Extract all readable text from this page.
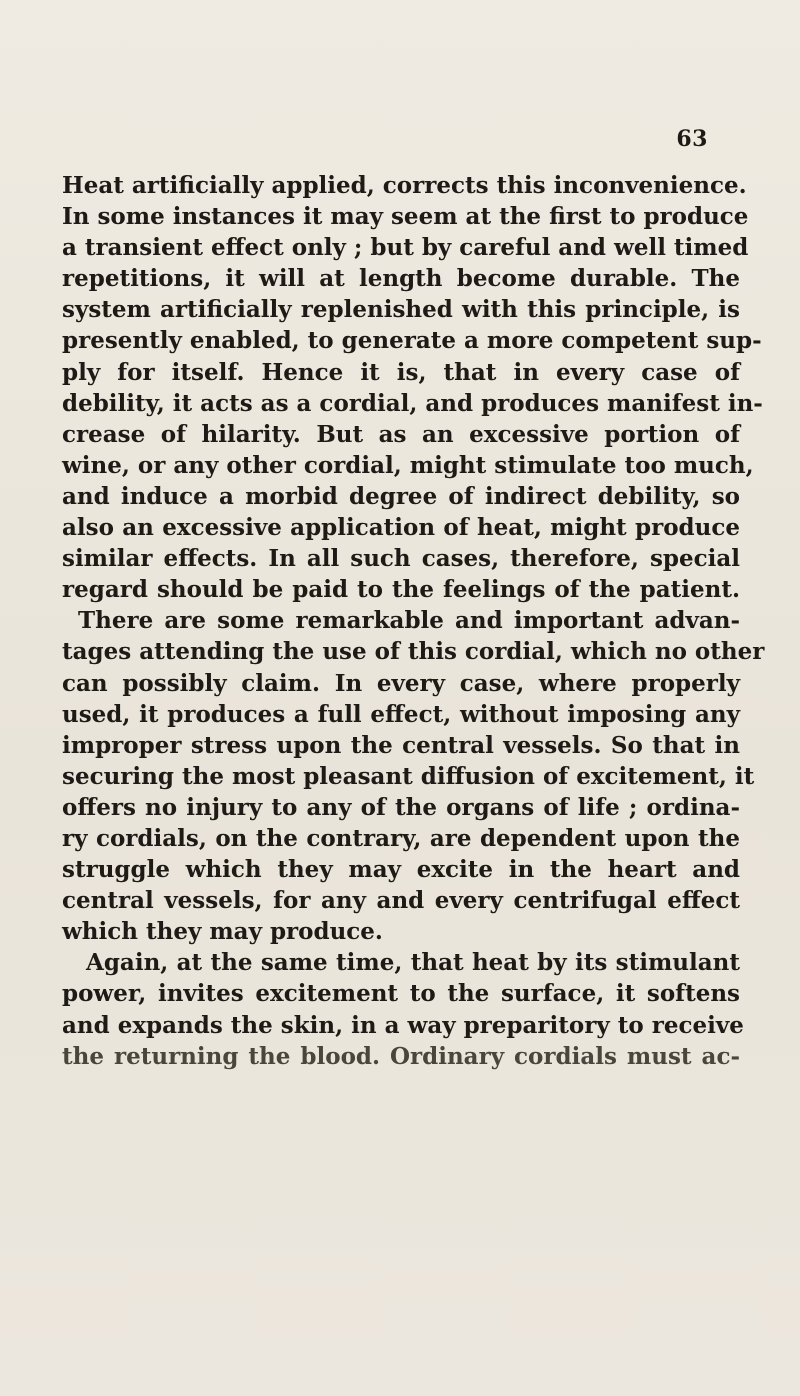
63
Heat artificially applied, corrects this inconvenience.
In some instances it may seem at the first to produce
a transient effect only ; but by careful and well timed
repetitions, it will at length become durable. The
system artificially replenished with this principle, is
presently enabled, to generate a more competent sup-
ply for itself. Hence it is, that in every case of
debility, it acts as a cordial, and produces manifest in-
crease of hilarity. But as an excessive portion of
wine, or any other cordial, might stimulate too much,
and induce a morbid degree of indirect debility, so
also an excessive application of heat, might produce
similar effects. In all such cases, therefore, special
regard should be paid to the feelings of the patient.
There are some remarkable and important advan-
tages attending the use of this cordial, which no other
can possibly claim. In every case, where properly
used, it produces a full effect, without imposing any
improper stress upon the central vessels. So that in
securing the most pleasant diffusion of excitement, it
offers no injury to any of the organs of life ; ordina-
ry cordials, on the contrary, are dependent upon the
struggle which they may excite in the heart and
central vessels, for any and every centrifugal effect
which they may produce.
Again, at the same time, that heat by its stimulant
power, invites excitement to the surface, it softens
and expands the skin, in a way preparitory to receive
the returning the blood. Ordinary cordials must ac-
